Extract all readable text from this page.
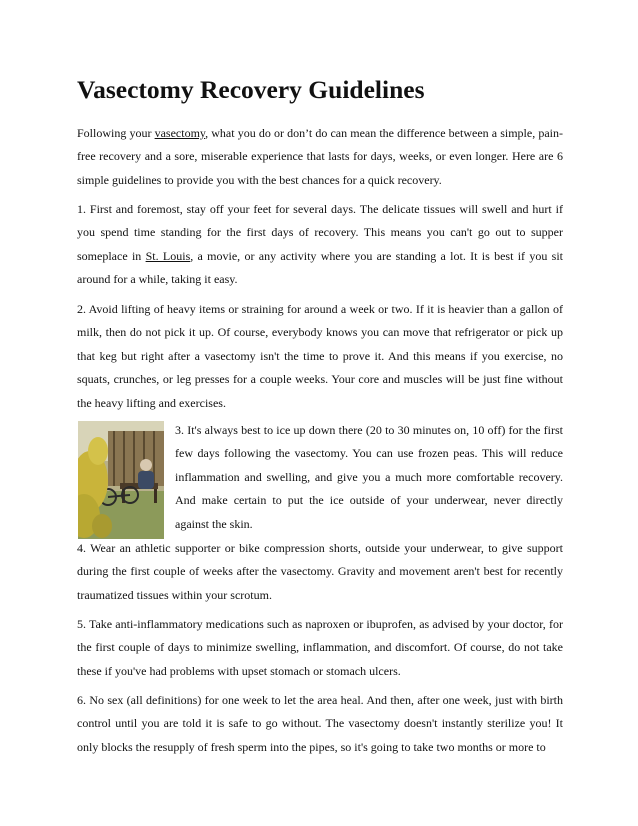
Vasectomy Recovery Guidelines

Following your vasectomy, what you do or don’t do can mean the difference between a simple, pain-free recovery and a sore, miserable experience that lasts for days, weeks, or even longer. Here are 6 simple guidelines to provide you with the best chances for a quick recovery.

1. First and foremost, stay off your feet for several days. The delicate tissues will swell and hurt if you spend time standing for the first days of recovery. This means you can't go out to supper someplace in St. Louis, a movie, or any activity where you are standing a lot. It is best if you sit around for a while, taking it easy.

2. Avoid lifting of heavy items or straining for around a week or two. If it is heavier than a gallon of milk, then do not pick it up. Of course, everybody knows you can move that refrigerator or pick up that keg but right after a vasectomy isn't the time to prove it. And this means if you exercise, no squats, crunches, or leg presses for a couple weeks. Your core and muscles will be just fine without the heavy lifting and exercises.

3. It's always best to ice up down there (20 to 30 minutes on, 10 off) for the first few days following the vasectomy. You can use frozen peas. This will reduce inflammation and swelling, and give you a much more comfortable recovery. And make certain to put the ice outside of your underwear, never directly against the skin.

4. Wear an athletic supporter or bike compression shorts, outside your underwear, to give support during the first couple of weeks after the vasectomy. Gravity and movement aren't best for recently traumatized tissues within your scrotum.

5. Take anti-inflammatory medications such as naproxen or ibuprofen, as advised by your doctor, for the first couple of days to minimize swelling, inflammation, and discomfort. Of course, do not take these if you've had problems with upset stomach or stomach ulcers.

6. No sex (all definitions) for one week to let the area heal. And then, after one week, just with birth control until you are told it is safe to go without. The vasectomy doesn't instantly sterilize you! It only blocks the resupply of fresh sperm into the pipes, so it's going to take two months or more to
